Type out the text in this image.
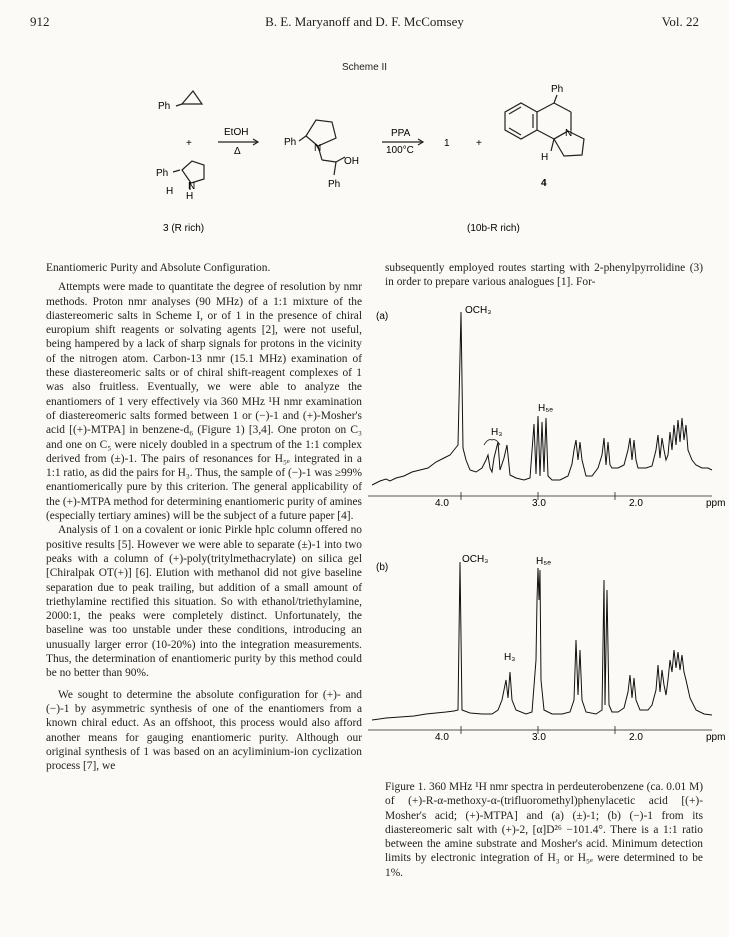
912	B. E. Maryanoff and D. F. McComsey	Vol. 22
Scheme II
Ph
+
EtOH
Δ
Ph
H N
H
Ph
N
OH
Ph
PPA
100°C
1	+
Ph
H
N
4
3 (R rich)	(10b-R rich)

Enantiomeric Purity and Absolute Configuration.

Attempts were made to quantitate the degree of resolution by nmr methods. Proton nmr analyses (90 MHz) of a 1:1 mixture of the diastereomeric salts in Scheme I, or of 1 in the presence of chiral europium shift reagents or solvating agents [2], were not useful, being hampered by a lack of sharp signals for protons in the vicinity of the nitrogen atom. Carbon-13 nmr (15.1 MHz) examination of these diastereomeric salts or of chiral shift-reagent complexes of 1 was also fruitless. Eventually, we were able to analyze the enantiomers of 1 very effectively via 360 MHz ¹H nmr examination of diastereomeric salts formed between 1 or (−)-1 and (+)-Mosher's acid [(+)-MTPA] in benzene-d₆ (Figure 1) [3,4]. One proton on C₃ and one on C₅ were nicely doubled in a spectrum of the 1:1 complex derived from (±)-1. The pairs of resonances for H₅ₑ integrated in a 1:1 ratio, as did the pairs for H₃. Thus, the sample of (−)-1 was ≥99% enantiomerically pure by this criterion. The general applicability of the (+)-MTPA method for determining enantiomeric purity of amines (especially tertiary amines) will be the subject of a future paper [4].

Analysis of 1 on a covalent or ionic Pirkle hplc column offered no positive results [5]. However we were able to separate (±)-1 into two peaks with a column of (+)-poly(tritylmethacrylate) on silica gel [Chiralpak OT(+)] [6]. Elution with methanol did not give baseline separation due to peak trailing, but addition of a small amount of triethylamine rectified this situation. So with ethanol/triethylamine, 2000:1, the peaks were completely distinct. Unfortunately, the baseline was too unstable under these conditions, introducing an unusually larger error (10-20%) into the integration measurements. Thus, the determination of enantiomeric purity by this method could be no better than 90%.

We sought to determine the absolute configuration for (+)- and (−)-1 by asymmetric synthesis of one of the enantiomers from a known chiral educt. As an offshoot, this process would also afford another means for gauging enantiomeric purity. Although our original synthesis of 1 was based on an acyliminium-ion cyclization process [7], we

subsequently employed routes starting with 2-phenylpyrrolidine (3) in order to prepare various analogues [1]. For-
(a)
OCH₃
H₅ₑ
H₃
4.0	3.0	2.0	ppm
(b)
OCH₃	H₅ₑ
H₃
4.0	3.0	2.0	ppm
Figure 1. 360 MHz ¹H nmr spectra in perdeuterobenzene (ca. 0.01 M) of (+)-R-α-methoxy-α-(trifluoromethyl)phenylacetic acid [(+)-Mosher's acid; (+)-MTPA] and (a) (±)-1; (b) (−)-1 from its diastereomeric salt with (+)-2, [α]D²⁶ −101.4°. There is a 1:1 ratio between the amine substrate and Mosher's acid. Minimum detection limits by electronic integration of H₃ or H₅ₑ were determined to be 1%.
